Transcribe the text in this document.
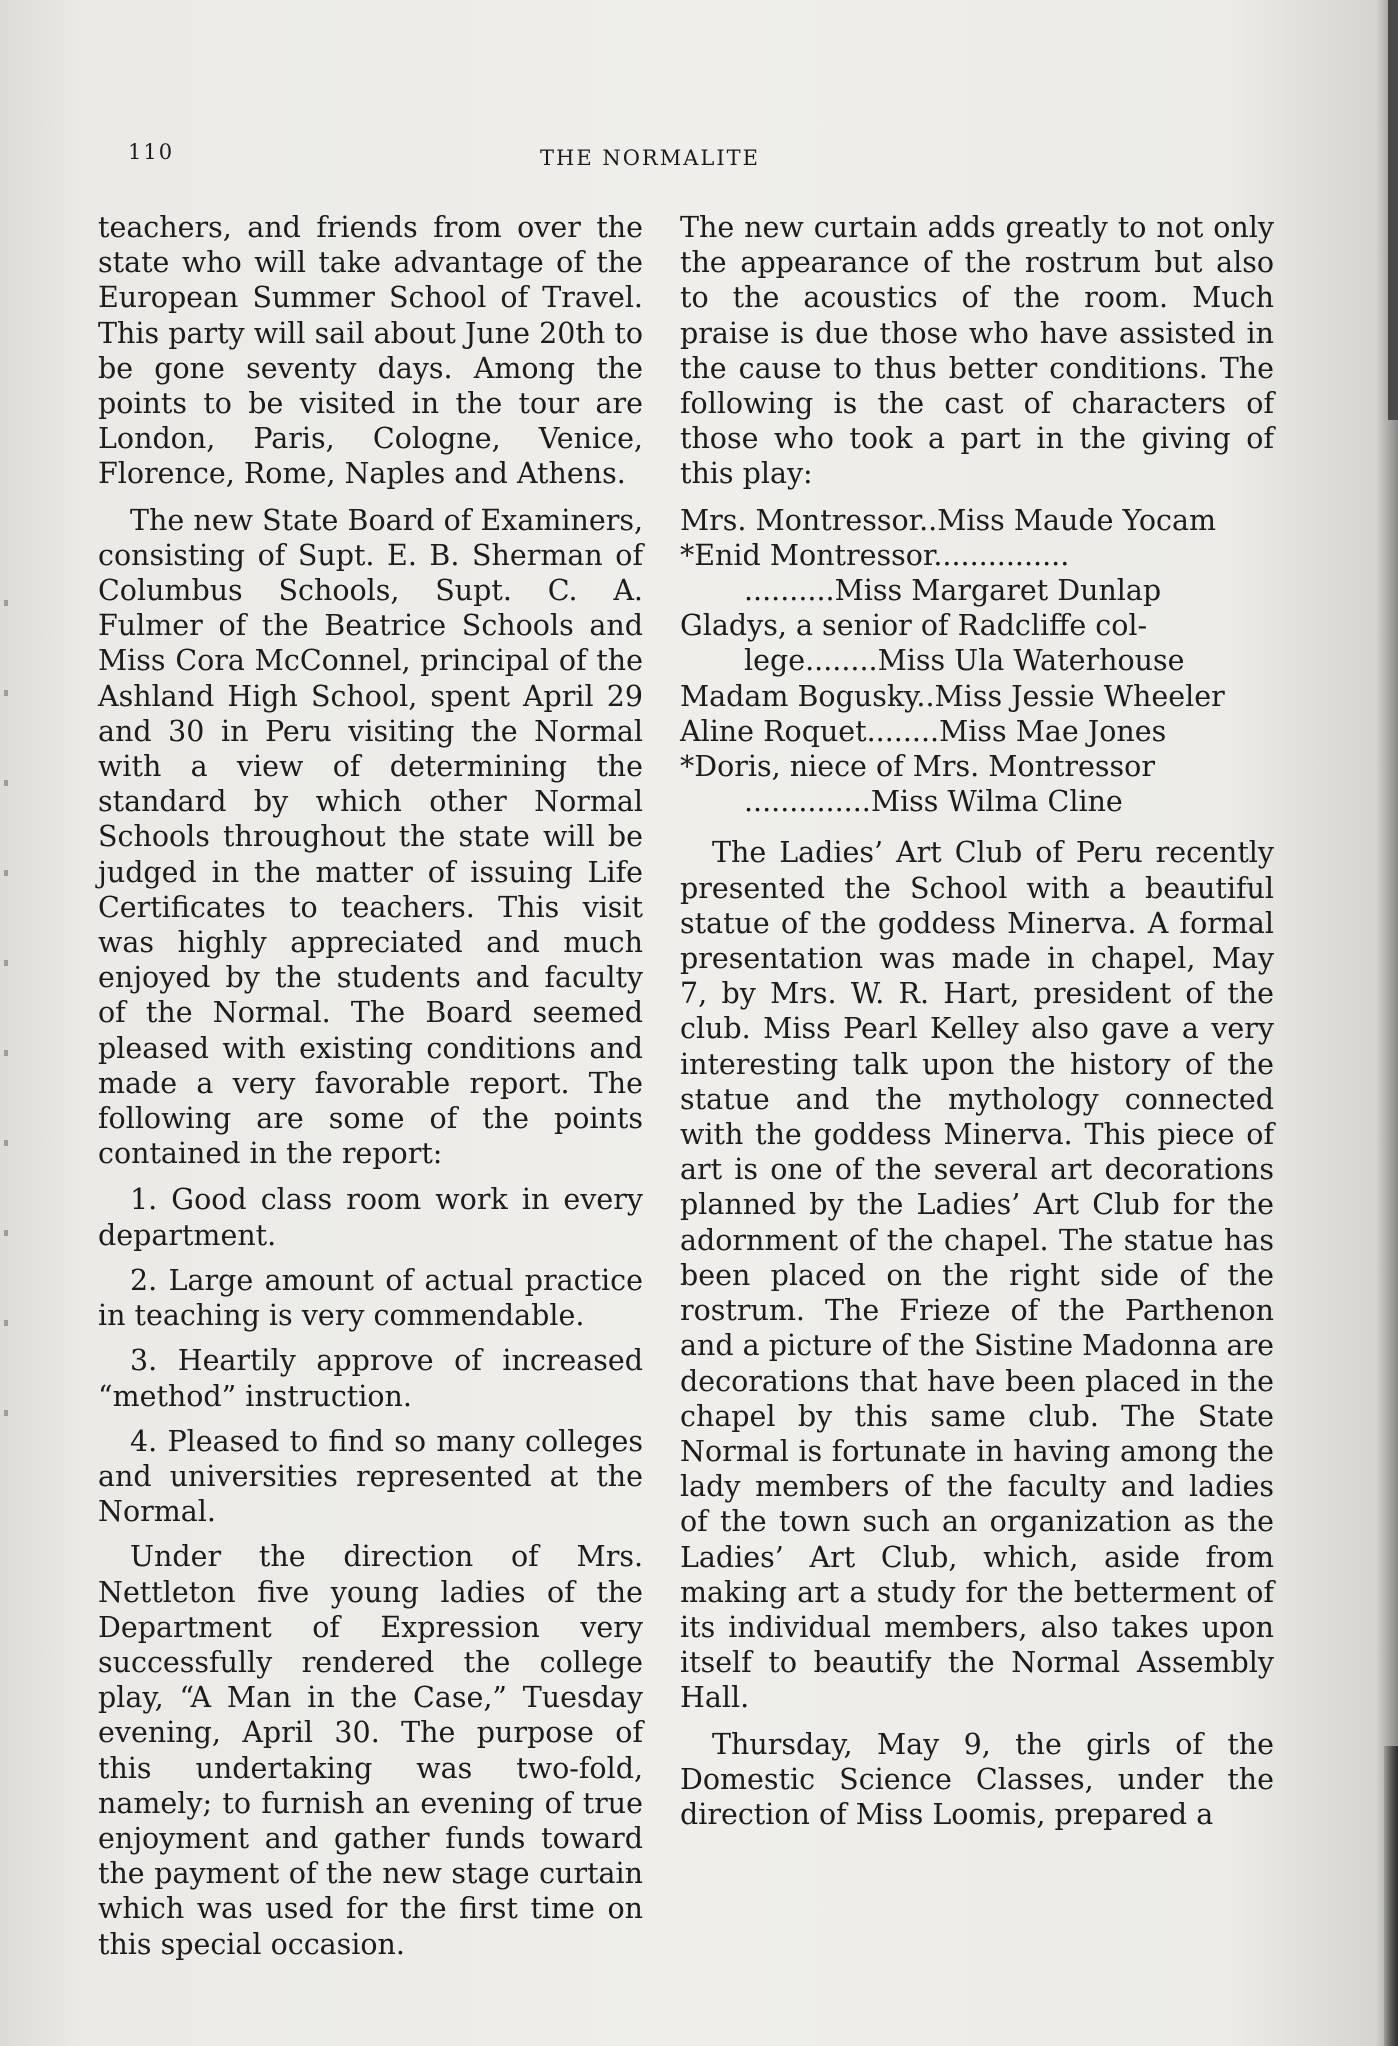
110	THE NORMALITE

teachers, and friends from over the state who will take advantage of the European Summer School of Travel. This party will sail about June 20th to be gone seventy days. Among the points to be visited in the tour are London, Paris, Cologne, Venice, Florence, Rome, Naples and Athens.

The new State Board of Examiners, consisting of Supt. E. B. Sherman of Columbus Schools, Supt. C. A. Fulmer of the Beatrice Schools and Miss Cora McConnel, principal of the Ashland High School, spent April 29 and 30 in Peru visiting the Normal with a view of determining the standard by which other Normal Schools throughout the state will be judged in the matter of issuing Life Certificates to teachers. This visit was highly appreciated and much enjoyed by the students and faculty of the Normal. The Board seemed pleased with existing conditions and made a very favorable report. The following are some of the points contained in the report:

1. Good class room work in every department.

2. Large amount of actual practice in teaching is very commendable.

3. Heartily approve of increased “method” instruction.

4. Pleased to find so many colleges and universities represented at the Normal.

Under the direction of Mrs. Nettleton five young ladies of the Department of Expression very successfully rendered the college play, “A Man in the Case,” Tuesday evening, April 30. The purpose of this undertaking was two-fold, namely; to furnish an evening of true enjoyment and gather funds toward the payment of the new stage curtain which was used for the first time on this special occasion.

The new curtain adds greatly to not only the appearance of the rostrum but also to the acoustics of the room. Much praise is due those who have assisted in the cause to thus better conditions. The following is the cast of characters of those who took a part in the giving of this play:

Mrs. Montressor..Miss Maude Yocam
*Enid Montressor...............
..........Miss Margaret Dunlap
Gladys, a senior of Radcliffe col-
lege........Miss Ula Waterhouse
Madam Bogusky..Miss Jessie Wheeler
Aline Roquet........Miss Mae Jones
*Doris, niece of Mrs. Montressor
..............Miss Wilma Cline

The Ladies’ Art Club of Peru recently presented the School with a beautiful statue of the goddess Minerva. A formal presentation was made in chapel, May 7, by Mrs. W. R. Hart, president of the club. Miss Pearl Kelley also gave a very interesting talk upon the history of the statue and the mythology connected with the goddess Minerva. This piece of art is one of the several art decorations planned by the Ladies’ Art Club for the adornment of the chapel. The statue has been placed on the right side of the rostrum. The Frieze of the Parthenon and a picture of the Sistine Madonna are decorations that have been placed in the chapel by this same club. The State Normal is fortunate in having among the lady members of the faculty and ladies of the town such an organization as the Ladies’ Art Club, which, aside from making art a study for the betterment of its individual members, also takes upon itself to beautify the Normal Assembly Hall.

Thursday, May 9, the girls of the Domestic Science Classes, under the direction of Miss Loomis, prepared a
